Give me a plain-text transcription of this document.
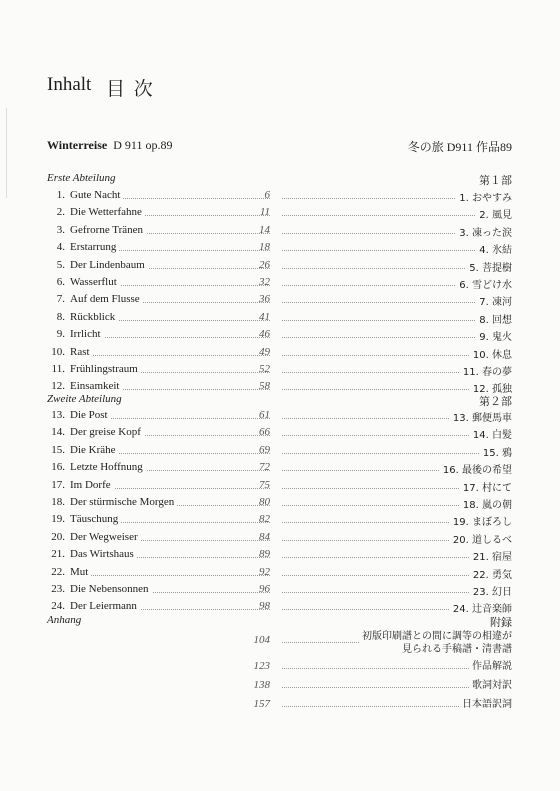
Inhalt 目 次
Winterreise D 911 op.89	冬の旅 D911 作品89
Erste Abteilung	第１部
1. Gute Nacht	6	1. おやすみ
2. Die Wetterfahne	11	2. 風見
3. Gefrorne Tränen	14	3. 凍った涙
4. Erstarrung	18	4. 氷結
5. Der Lindenbaum	26	5. 菩提樹
6. Wasserflut	32	6. 雪どけ水
7. Auf dem Flusse	36	7. 凍河
8. Rückblick	41	8. 回想
9. Irrlicht	46	9. 鬼火
10. Rast	49	10. 休息
11. Frühlingstraum	52	11. 春の夢
12. Einsamkeit	58	12. 孤独
Zweite Abteilung	第２部
13. Die Post	61	13. 郵便馬車
14. Der greise Kopf	66	14. 白髪
15. Die Krähe	69	15. 鴉
16. Letzte Hoffnung	72	16. 最後の希望
17. Im Dorfe	75	17. 村にて
18. Der stürmische Morgen	80	18. 嵐の朝
19. Täuschung	82	19. まぼろし
20. Der Wegweiser	84	20. 道しるべ
21. Das Wirtshaus	89	21. 宿屋
22. Mut	92	22. 勇気
23. Die Nebensonnen	96	23. 幻日
24. Der Leiermann	98	24. 辻音楽師
Anhang	附録
104	初版印刷譜との間に調等の相違が
見られる手稿譜・清書譜
123	作品解説
138	歌詞対訳
157	日本語訳詞
